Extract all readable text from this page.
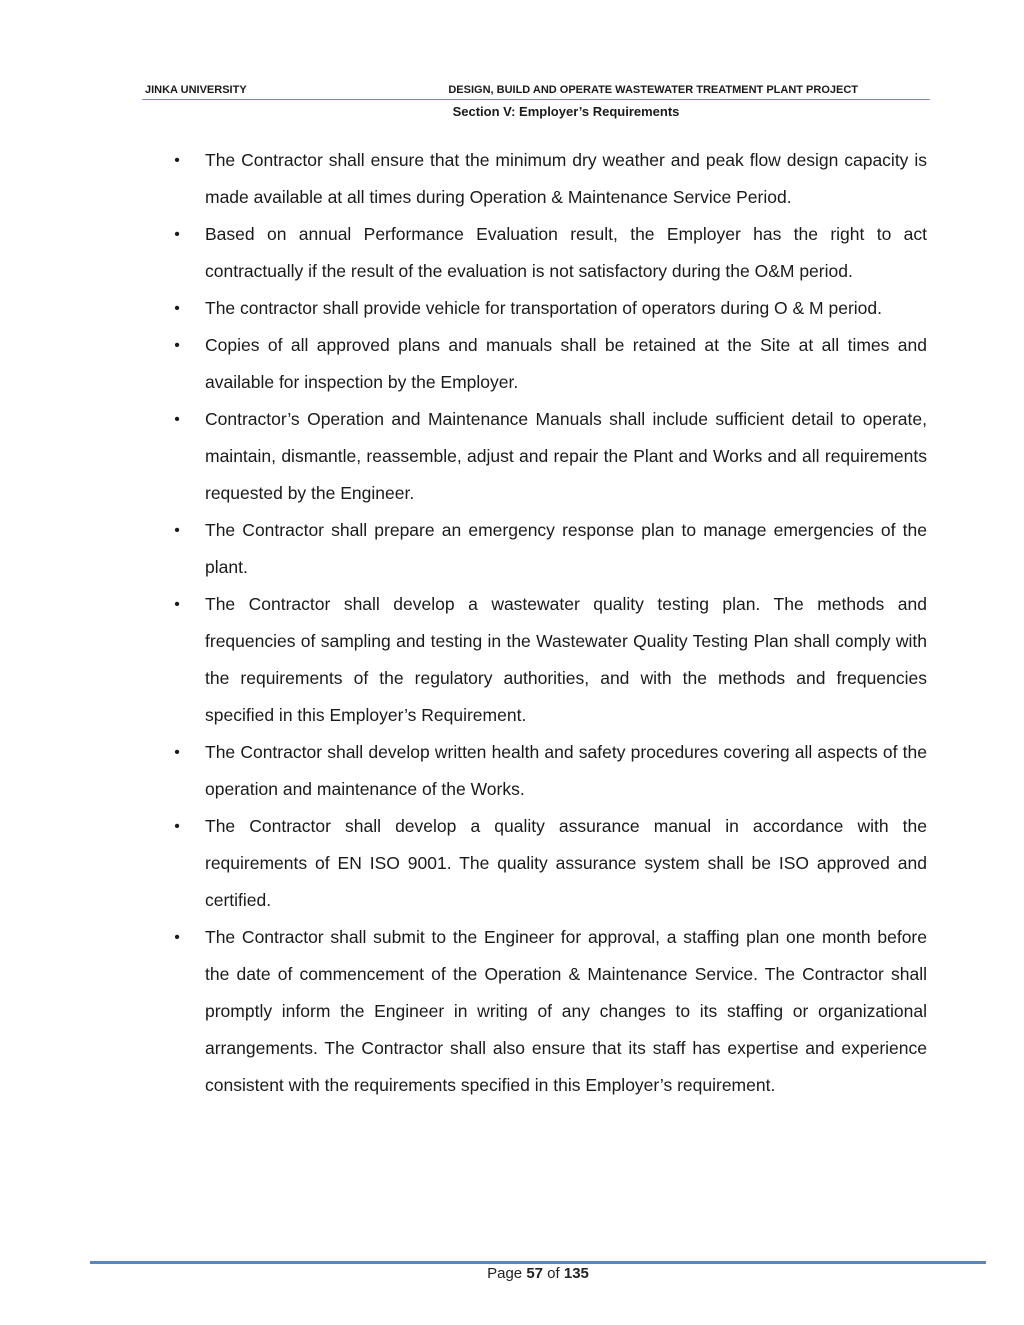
JINKA UNIVERSITY	DESIGN, BUILD AND OPERATE WASTEWATER TREATMENT PLANT PROJECT
Section V: Employer’s Requirements
• The Contractor shall ensure that the minimum dry weather and peak flow design capacity is made available at all times during Operation & Maintenance Service Period.
• Based on annual Performance Evaluation result, the Employer has the right to act contractually if the result of the evaluation is not satisfactory during the O&M period.
• The contractor shall provide vehicle for transportation of operators during O & M period.
• Copies of all approved plans and manuals shall be retained at the Site at all times and available for inspection by the Employer.
• Contractor’s Operation and Maintenance Manuals shall include sufficient detail to operate, maintain, dismantle, reassemble, adjust and repair the Plant and Works and all requirements requested by the Engineer.
• The Contractor shall prepare an emergency response plan to manage emergencies of the plant.
• The Contractor shall develop a wastewater quality testing plan. The methods and frequencies of sampling and testing in the Wastewater Quality Testing Plan shall comply with the requirements of the regulatory authorities, and with the methods and frequencies specified in this Employer’s Requirement.
• The Contractor shall develop written health and safety procedures covering all aspects of the operation and maintenance of the Works.
• The Contractor shall develop a quality assurance manual in accordance with the requirements of EN ISO 9001. The quality assurance system shall be ISO approved and certified.
• The Contractor shall submit to the Engineer for approval, a staffing plan one month before the date of commencement of the Operation & Maintenance Service. The Contractor shall promptly inform the Engineer in writing of any changes to its staffing or organizational arrangements. The Contractor shall also ensure that its staff has expertise and experience consistent with the requirements specified in this Employer’s requirement.
Page 57 of 135
